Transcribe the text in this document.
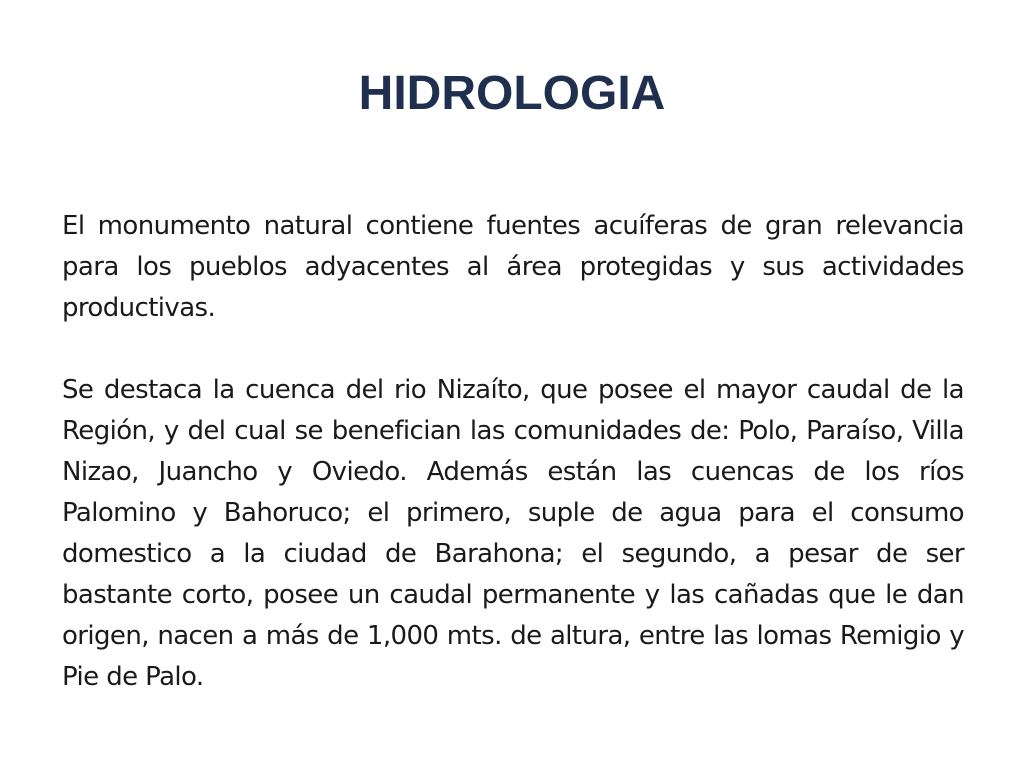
HIDROLOGIA

El monumento natural contiene fuentes acuíferas de gran relevancia para los pueblos adyacentes al área protegidas y sus actividades productivas.

Se destaca la cuenca del rio Nizaíto, que posee el mayor caudal de la Región, y del cual se benefician las comunidades de: Polo, Paraíso, Villa Nizao, Juancho y Oviedo. Además están las cuencas de los ríos Palomino y Bahoruco; el primero, suple de agua para el consumo domestico a la ciudad de Barahona; el segundo, a pesar de ser bastante corto, posee un caudal permanente y las cañadas que le dan origen, nacen a más de 1,000 mts. de altura, entre las lomas Remigio y Pie de Palo.
